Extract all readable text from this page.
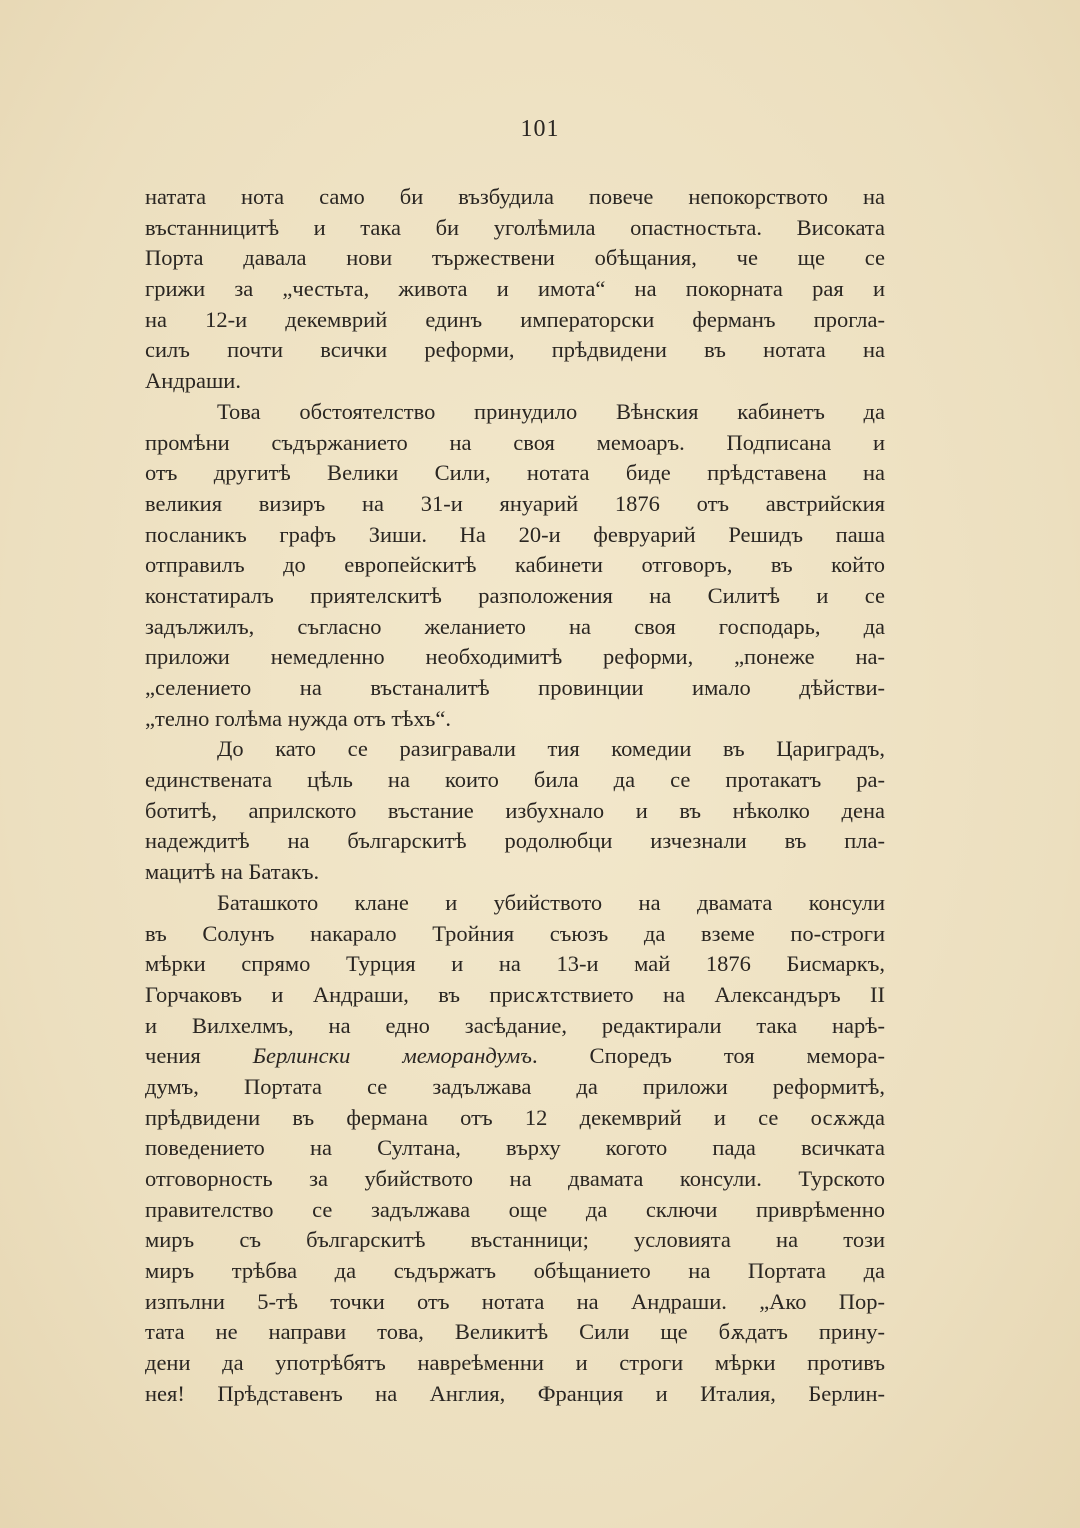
101

натата нота само би възбудила повече непокорството на

въстанницитѣ и така би уголѣмила опастностьта. Високата

Порта давала нови тържествени обѣщания, че ще се

грижи за „честьта, живота и имота“ на покорната рая и

на 12-и декемврий единъ императорски ферманъ прогла-

силъ почти всички реформи, прѣдвидени въ нотата на

Андраши.

Това обстоятелство принудило Вѣнския кабинетъ да

промѣни съдържанието на своя мемоаръ. Подписана и

отъ другитѣ Велики Сили, нотата биде прѣдставена на

великия визиръ на 31-и януарий 1876 отъ австрийския

посланикъ графъ Зиши. На 20-и февруарий Решидъ паша

отправилъ до европейскитѣ кабинети отговоръ, въ който

констатиралъ приятелскитѣ разположения на Силитѣ и се

задължилъ, съгласно желанието на своя господарь, да

приложи немедленно необходимитѣ реформи, „понеже на-

„селението на въстаналитѣ провинции имало дѣйстви-

„телно голѣма нужда отъ тѣхъ“.

До като се разигравали тия комедии въ Цариградъ,

единствената цѣль на които била да се протакатъ ра-

ботитѣ, априлското въстание избухнало и въ нѣколко дена

надеждитѣ на българскитѣ родолюбци изчезнали въ пла-

мацитѣ на Батакъ.

Баташкото клане и убийството на двамата консули

въ Солунъ накарало Тройния съюзъ да вземе по-строги

мѣрки спрямо Турция и на 13-и май 1876 Бисмаркъ,

Горчаковъ и Андраши, въ присѫтствието на Александъръ II

и Вилхелмъ, на едно засѣдание, редактирали така нарѣ-

чения Берлински меморандумъ. Споредъ тоя мемора-

думъ, Портата се задължава да приложи реформитѣ,

прѣдвидени въ фермана отъ 12 декемврий и се осѫжда

поведението на Султана, върху когото пада всичката

отговорность за убийството на двамата консули. Турското

правителство се задължава още да сключи приврѣменно

миръ съ българскитѣ въстанници; условията на този

миръ трѣбва да съдържатъ обѣщанието на Портата да

изпълни 5-тѣ точки отъ нотата на Андраши. „Ако Пор-

тата не направи това, Великитѣ Сили ще бѫдатъ прину-

дени да употрѣбятъ навреѣменни и строги мѣрки противъ

нея! Прѣдставенъ на Англия, Франция и Италия, Берлин-
